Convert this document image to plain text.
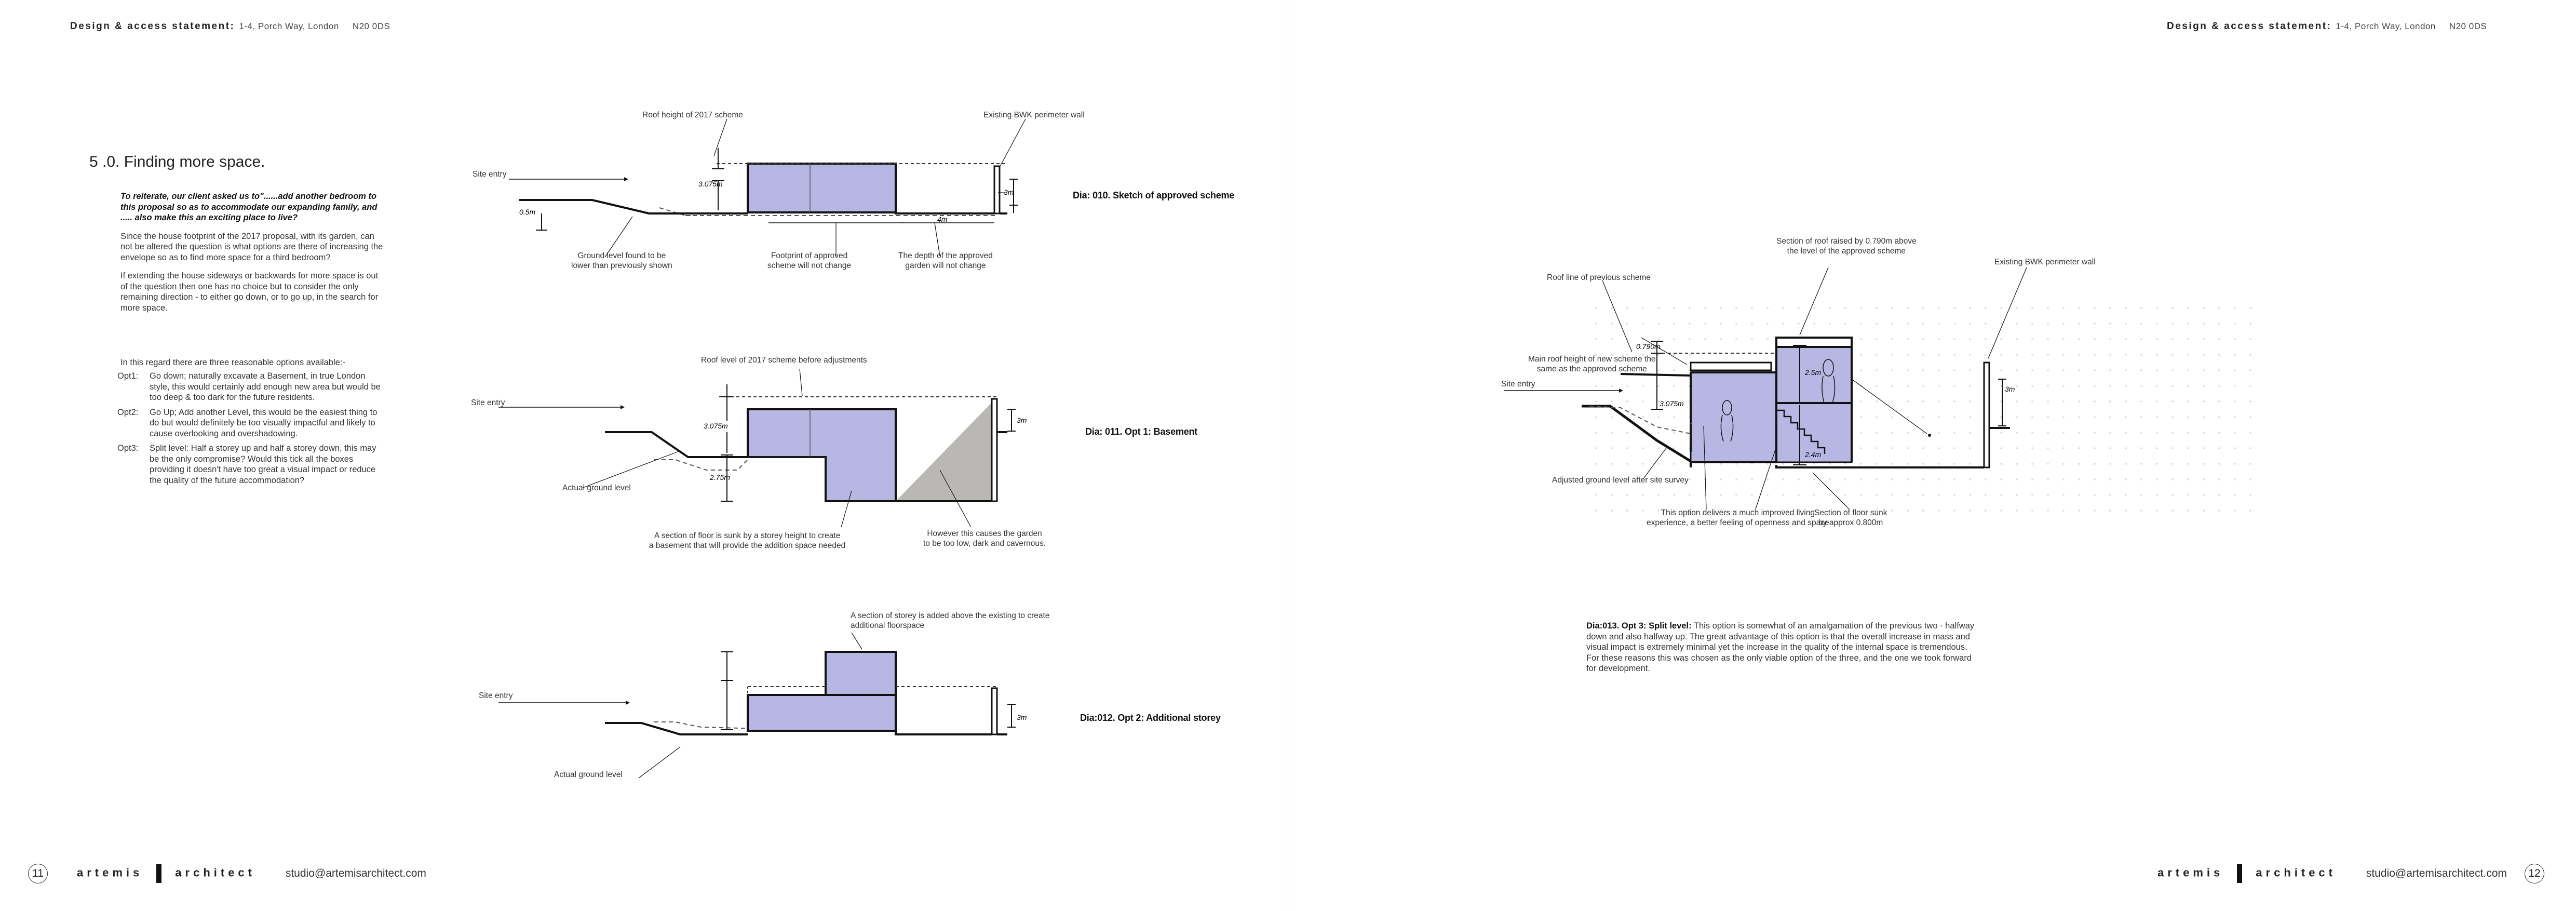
Design & access statement: 1-4, Porch Way, London N20 0DS
5 .0. Finding more space.

To reiterate, our client asked us to"......add another bedroom to this proposal so as to accommodate our expanding family, and ..... also make this an exciting place to live?

Since the house footprint of the 2017 proposal, with its garden, can not be altered the question is what options are there of increasing the envelope so as to find more space for a third bedroom?

If extending the house sideways or backwards for more space is out of the question then one has no choice but to consider the only remaining direction - to either go down, or to go up, in the search for more space.

In this regard there are three reasonable options available:-
Opt1:	Go down; naturally excavate a Basement, in true London style, this would certainly add enough new area but would be too deep & too dark for the future residents.
Opt2:	Go Up; Add another Level, this would be the easiest thing to do but would definitely be too visually impactful and likely to cause overlooking and overshadowing.
Opt3:	Split level: Half a storey up and half a storey down, this may be the only compromise? Would this tick all the boxes providing it doesn't have too great a visual impact or reduce the quality of the future accommodation?
3m
3.075m
0.5m
4m
Roof height of 2017 scheme	Existing BWK perimeter wall
Site entry
Ground level found to be
lower than previously shown
Footprint of approved
scheme will not change
The depth of the approved
garden will not change
Dia: 010. Sketch of approved scheme
3.075m
2.75m
3m
Roof level of 2017 scheme before adjustments
Site entry
Actual ground level
A section of floor is sunk by a storey height to create
a basement that will provide the addition space needed
However this causes the garden
to be too low, dark and cavernous.
Dia: 011. Opt 1: Basement
3m
A section of storey is added above the existing to create
additional floorspace
Site entry
Actual ground level
Dia:012. Opt 2: Additional storey
11	artemis	architect	studio@artemisarchitect.com
Design & access statement: 1-4, Porch Way, London N20 0DS
0.790m
3.075m
2.5m
2.4m
3m
Section of roof raised by 0.790m above
the level of the approved scheme
Existing BWK perimeter wall
Roof line of previous scheme
Main roof height of new scheme the
same as the approved scheme
Site entry
Adjusted ground level after site survey
This option delivers a much improved living
experience, a better feeling of openness and space
Section of floor sunk
by approx 0.800m
Dia:013. Opt 3: Split level: This option is somewhat of an amalgamation of the previous two - halfway down and also halfway up. The great advantage of this option is that the overall increase in mass and visual impact is extremely minimal yet the increase in the quality of the internal space is tremendous. For these reasons this was chosen as the only viable option of the three, and the one we took forward for development.
artemis	architect	studio@artemisarchitect.com	12
